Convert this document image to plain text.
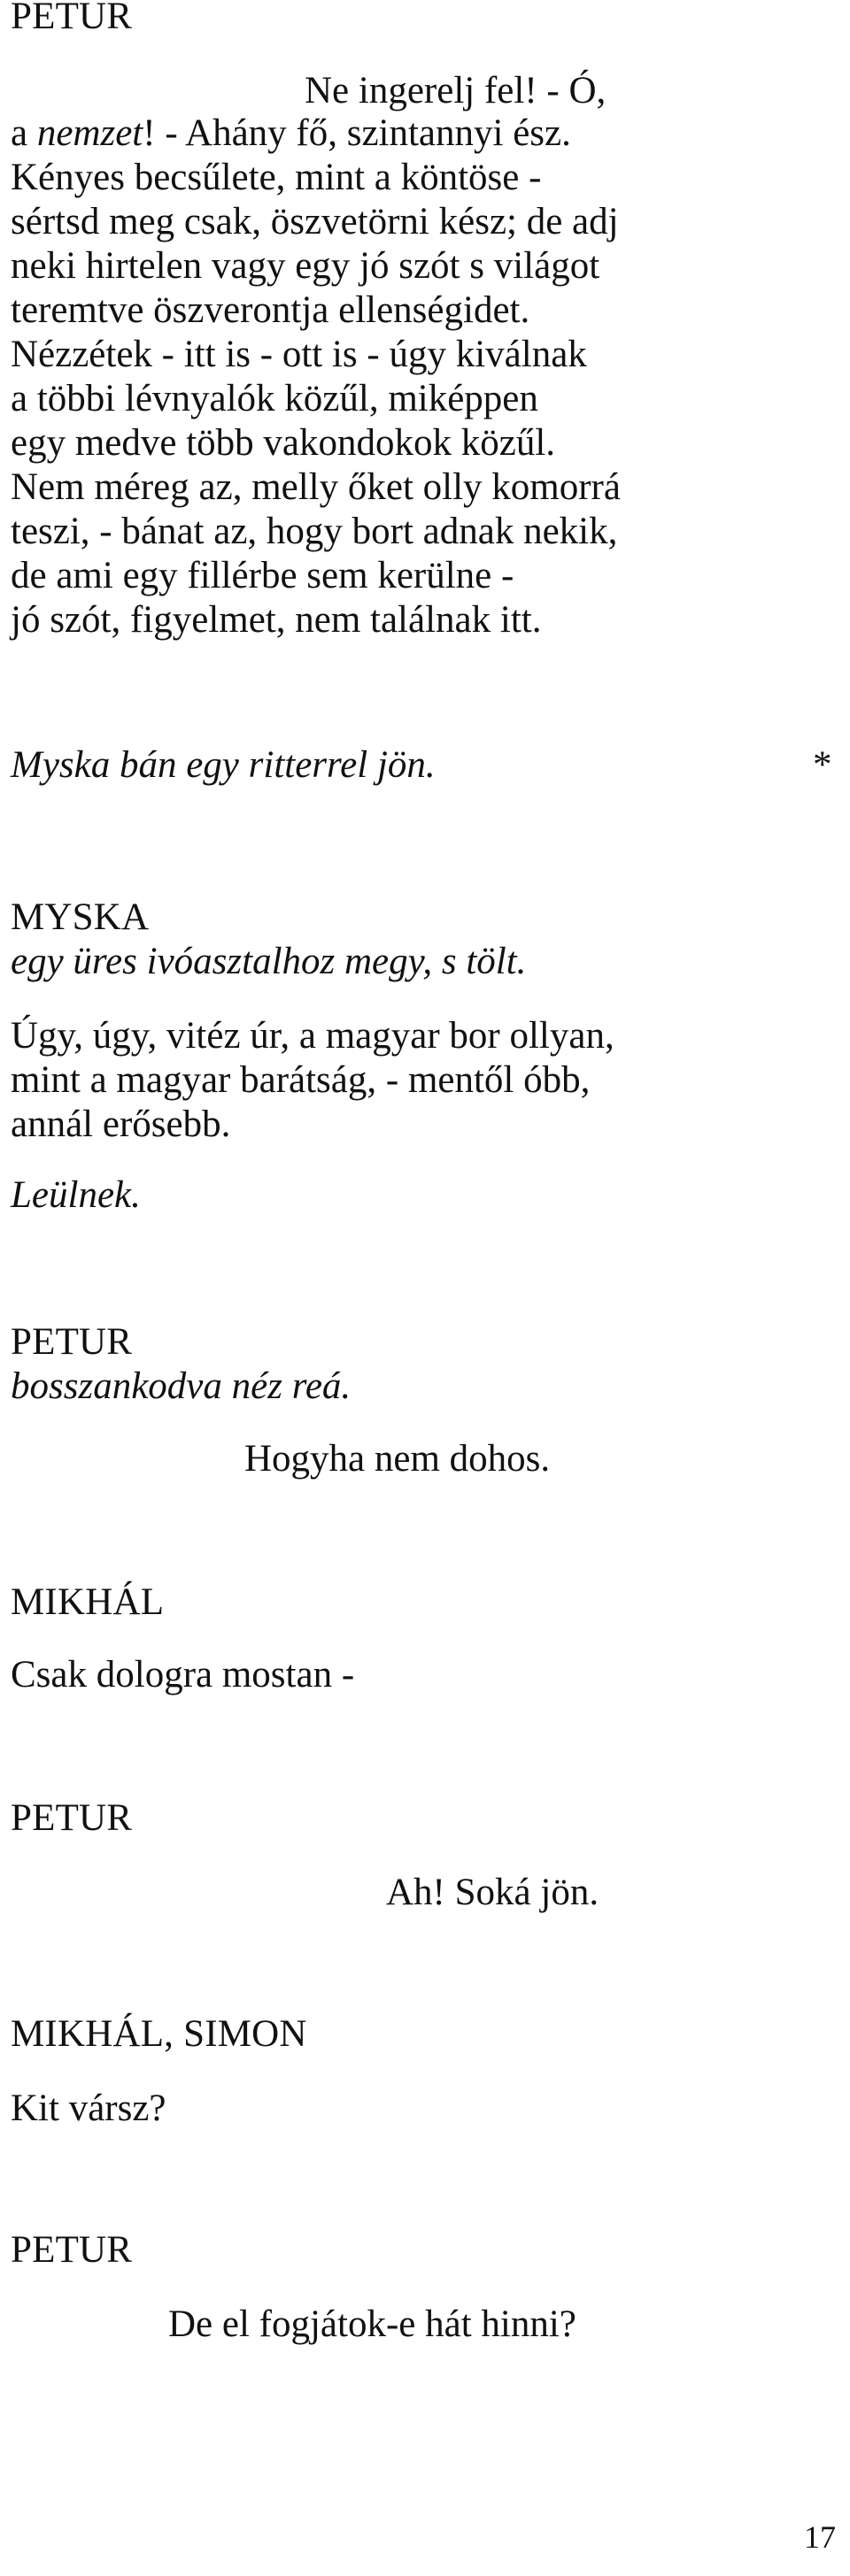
PETUR
Ne ingerelj fel! - Ó,
a nemzet! - Ahány fő, szintannyi ész.
Kényes becsűlete, mint a köntöse -
sértsd meg csak, öszvetörni kész; de adj
neki hirtelen vagy egy jó szót s világot
teremtve öszverontja ellenségidet.
Nézzétek - itt is - ott is - úgy kiválnak
a többi lévnyalók közűl, miképpen
egy medve több vakondokok közűl.
Nem méreg az, melly őket olly komorrá
teszi, - bánat az, hogy bort adnak nekik,
de ami egy fillérbe sem kerülne -
jó szót, figyelmet, nem találnak itt.
*
Myska bán egy ritterrel jön.
MYSKA
egy üres ivóasztalhoz megy, s tölt.
Úgy, úgy, vitéz úr, a magyar bor ollyan,
mint a magyar barátság, - mentől óbb,
annál erősebb.
Leülnek.
PETUR
bosszankodva néz reá.
Hogyha nem dohos.
MIKHÁL
Csak dologra mostan -
PETUR
Ah! Soká jön.
MIKHÁL, SIMON
Kit vársz?
PETUR
De el fogjátok-e hát hinni?
17
